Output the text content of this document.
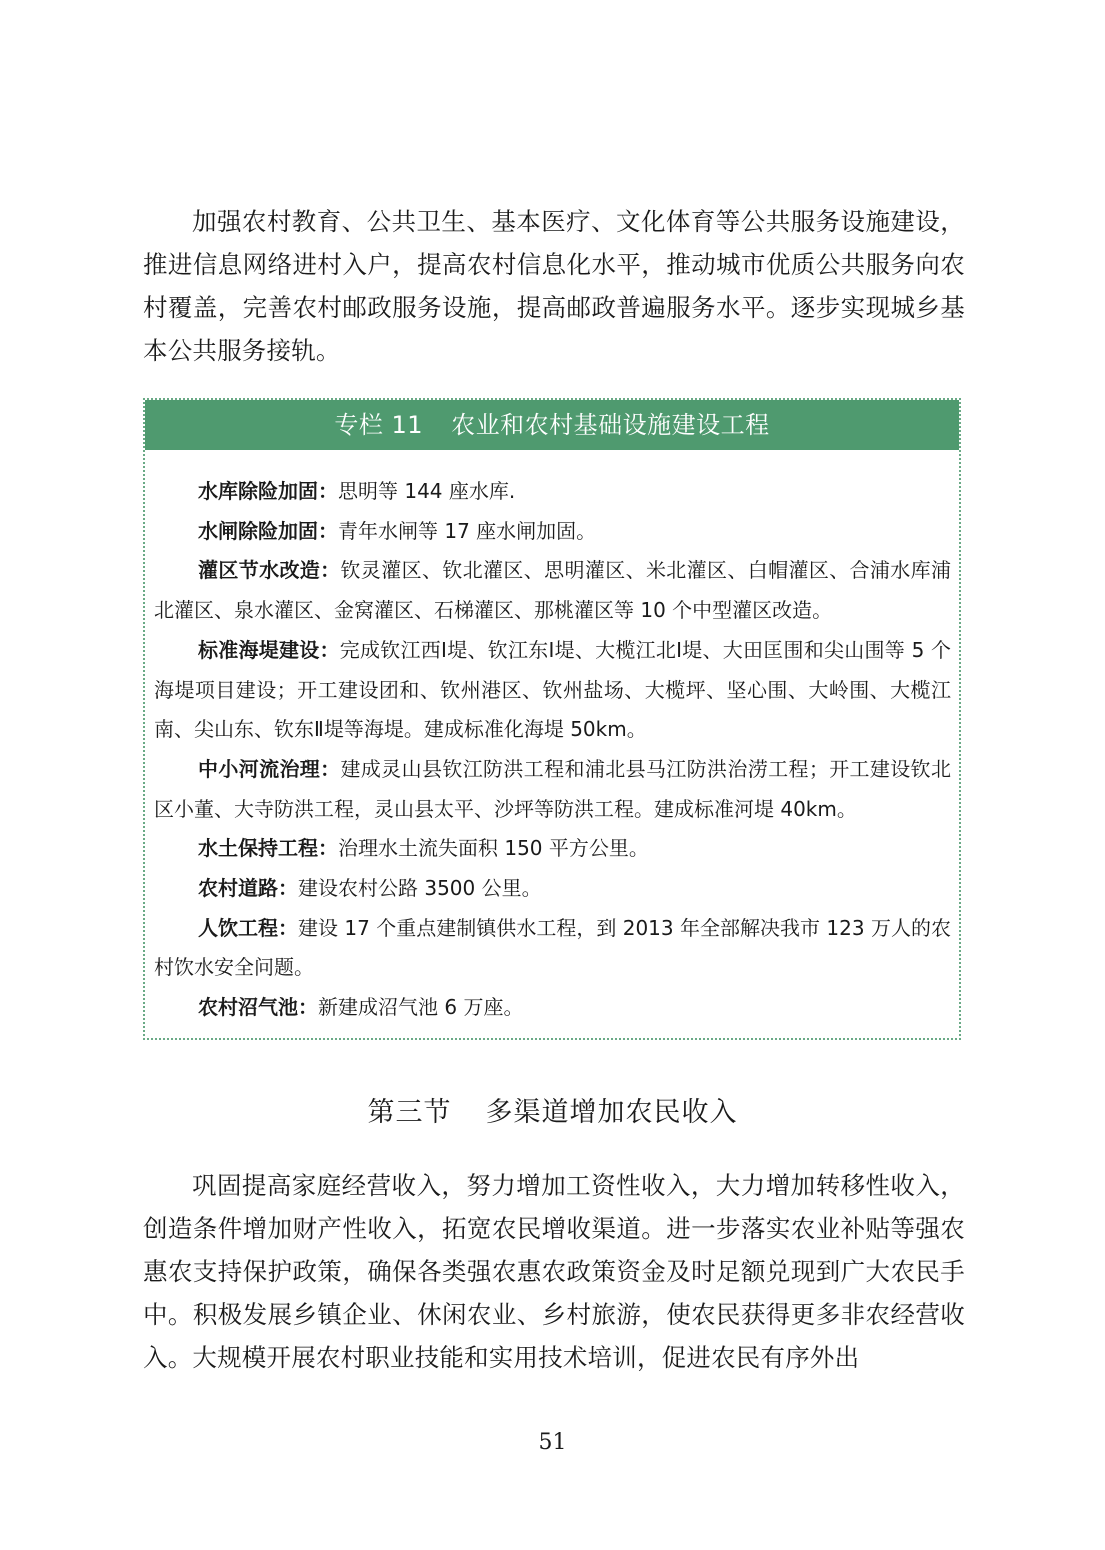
加强农村教育、公共卫生、基本医疗、文化体育等公共服务设施建设，推进信息网络进村入户，提高农村信息化水平，推动城市优质公共服务向农村覆盖，完善农村邮政服务设施，提高邮政普遍服务水平。逐步实现城乡基本公共服务接轨。

专栏 11 农业和农村基础设施建设工程

水库除险加固：思明等 144 座水库.

水闸除险加固：青年水闸等 17 座水闸加固。

灌区节水改造：钦灵灌区、钦北灌区、思明灌区、米北灌区、白帽灌区、合浦水库浦北灌区、泉水灌区、金窝灌区、石梯灌区、那桃灌区等 10 个中型灌区改造。

标准海堤建设：完成钦江西Ⅰ堤、钦江东Ⅰ堤、大榄江北Ⅰ堤、大田匡围和尖山围等 5 个海堤项目建设；开工建设团和、钦州港区、钦州盐场、大榄坪、坚心围、大岭围、大榄江南、尖山东、钦东Ⅱ堤等海堤。建成标准化海堤 50km。

中小河流治理：建成灵山县钦江防洪工程和浦北县马江防洪治涝工程；开工建设钦北区小董、大寺防洪工程，灵山县太平、沙坪等防洪工程。建成标准河堤 40km。

水土保持工程：治理水土流失面积 150 平方公里。

农村道路：建设农村公路 3500 公里。

人饮工程：建设 17 个重点建制镇供水工程，到 2013 年全部解决我市 123 万人的农村饮水安全问题。

农村沼气池：新建成沼气池 6 万座。

第三节 多渠道增加农民收入

巩固提高家庭经营收入，努力增加工资性收入，大力增加转移性收入，创造条件增加财产性收入，拓宽农民增收渠道。进一步落实农业补贴等强农惠农支持保护政策，确保各类强农惠农政策资金及时足额兑现到广大农民手中。积极发展乡镇企业、休闲农业、乡村旅游，使农民获得更多非农经营收入。大规模开展农村职业技能和实用技术培训，促进农民有序外出

51
